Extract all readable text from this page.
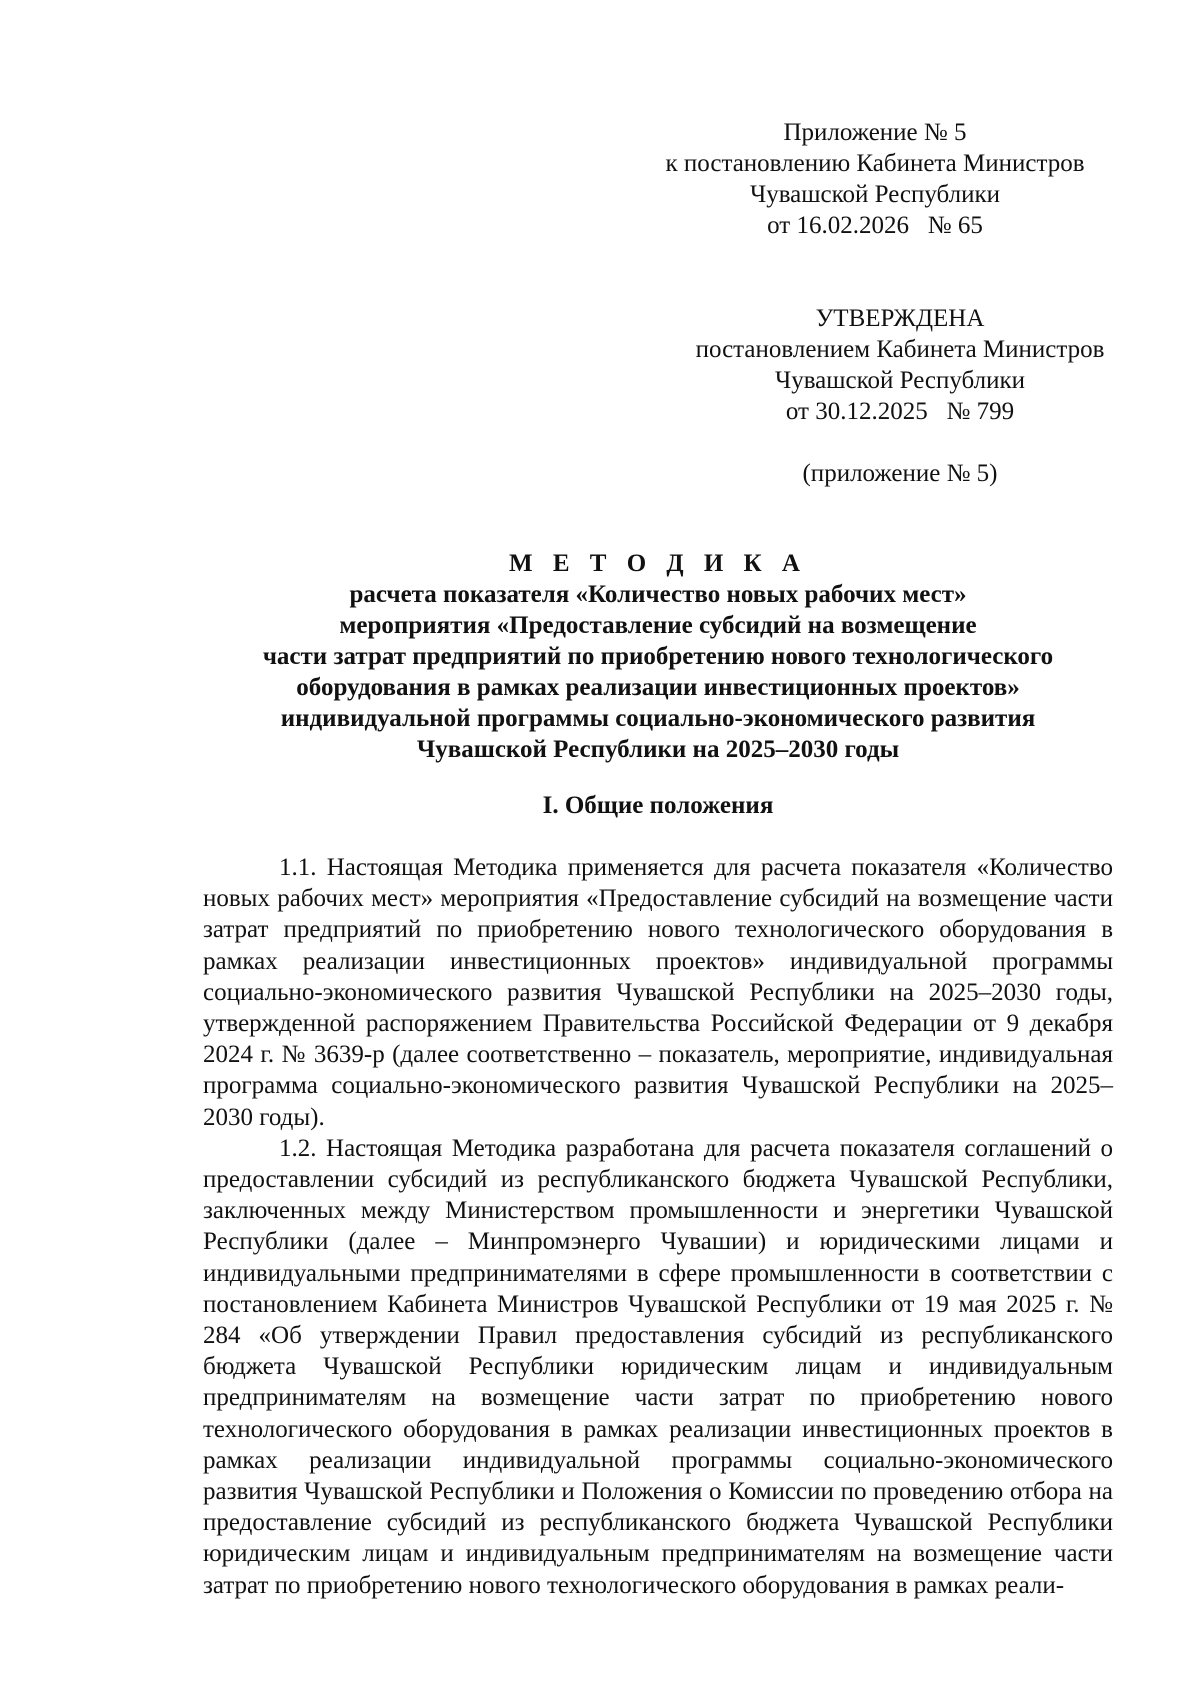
Приложение № 5
к постановлению Кабинета Министров
Чувашской Республики
от 16.02.2026   № 65
УТВЕРЖДЕНА
постановлением Кабинета Министров
Чувашской Республики
от 30.12.2025   № 799
(приложение № 5)
М Е Т О Д И К А
расчета показателя «Количество новых рабочих мест»
мероприятия «Предоставление субсидий на возмещение
части затрат предприятий по приобретению нового технологического
оборудования в рамках реализации инвестиционных проектов»
индивидуальной программы социально-экономического развития
Чувашской Республики на 2025–2030 годы
I. Общие положения

1.1. Настоящая Методика применяется для расчета показателя «Количество новых рабочих мест» мероприятия «Предоставление субсидий на возмещение части затрат предприятий по приобретению нового технологического оборудования в рамках реализации инвестиционных проектов» индивидуальной программы социально-экономического развития Чувашской Республики на 2025–2030 годы, утвержденной распоряжением Правительства Российской Федерации от 9 декабря 2024 г. № 3639-р (далее соответственно – показатель, мероприятие, индивидуальная программа социально-экономического развития Чувашской Республики на 2025–2030 годы).

1.2. Настоящая Методика разработана для расчета показателя соглашений о предоставлении субсидий из республиканского бюджета Чувашской Республики, заключенных между Министерством промышленности и энергетики Чувашской Республики (далее – Минпромэнерго Чувашии) и юридическими лицами и индивидуальными предпринимателями в сфере промышленности в соответствии с постановлением Кабинета Министров Чувашской Республики от 19 мая 2025 г. № 284 «Об утверждении Правил предоставления субсидий из республиканского бюджета Чувашской Республики юридическим лицам и индивидуальным предпринимателям на возмещение части затрат по приобретению нового технологического оборудования в рамках реализации инвестиционных проектов в рамках реализации индивидуальной программы социально-экономического развития Чувашской Республики и Положения о Комиссии по проведению отбора на предоставление субсидий из республиканского бюджета Чувашской Республики юридическим лицам и индивидуальным предпринимателям на возмещение части затрат по приобретению нового технологического оборудования в рамках реали-
